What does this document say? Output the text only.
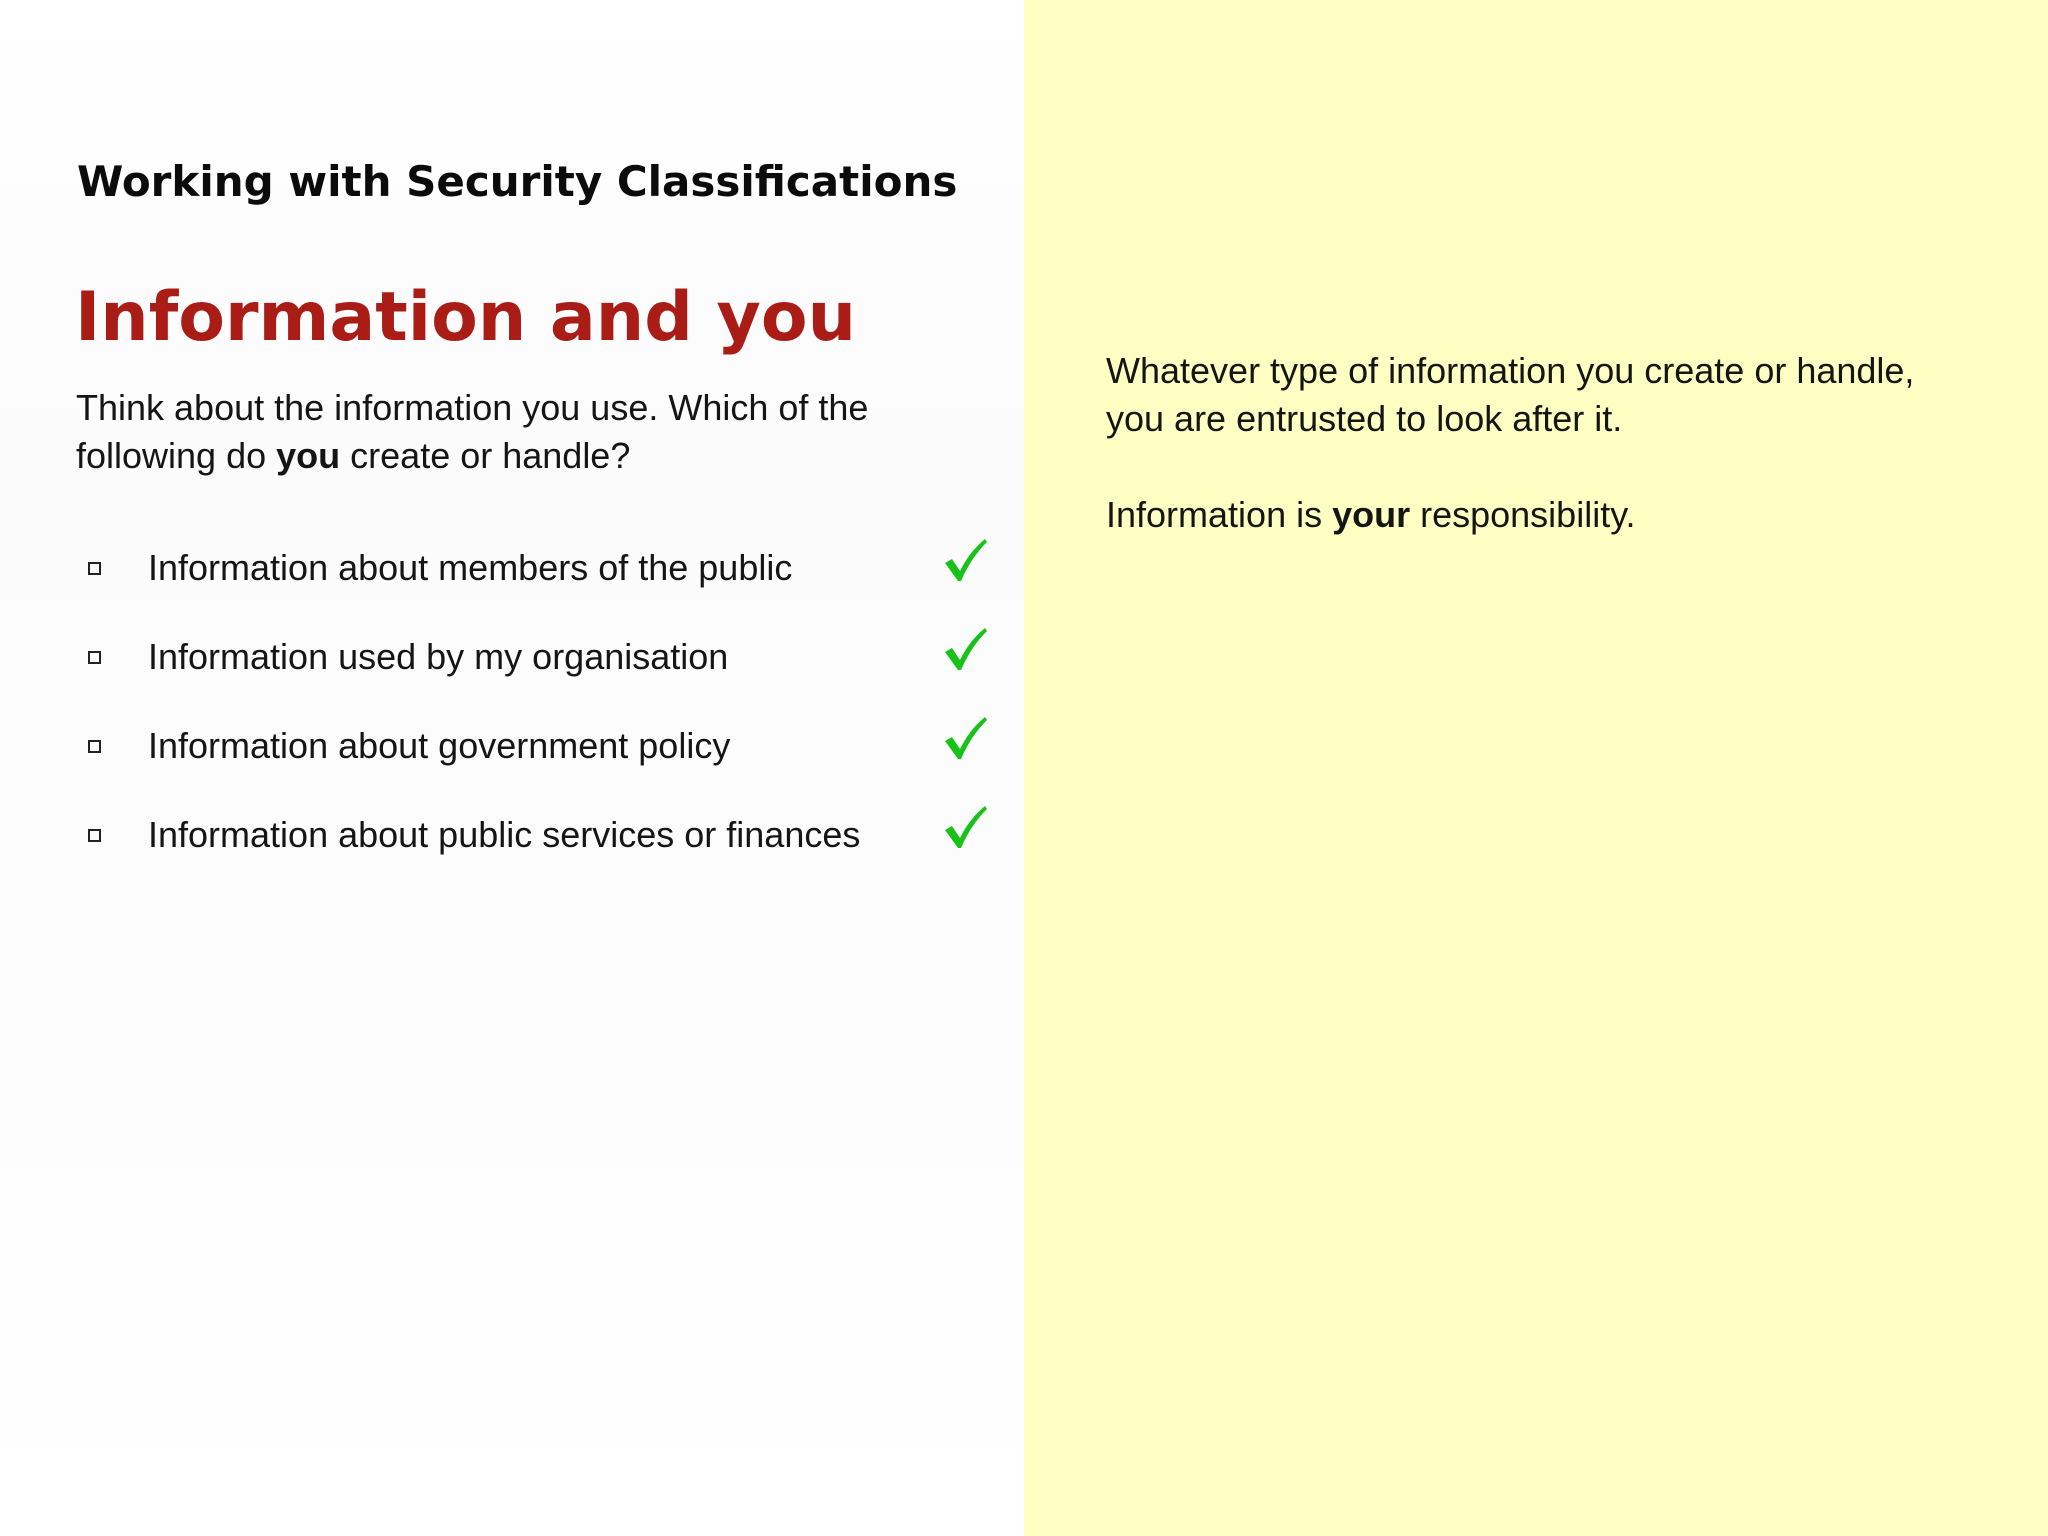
Working with Security Classifications
Information and you

Think about the information you use. Which of the following do you create or handle?

Information about members of the public
Information used by my organisation
Information about government policy
Information about public services or finances

Whatever type of information you create or handle, you are entrusted to look after it.

Information is your responsibility.
